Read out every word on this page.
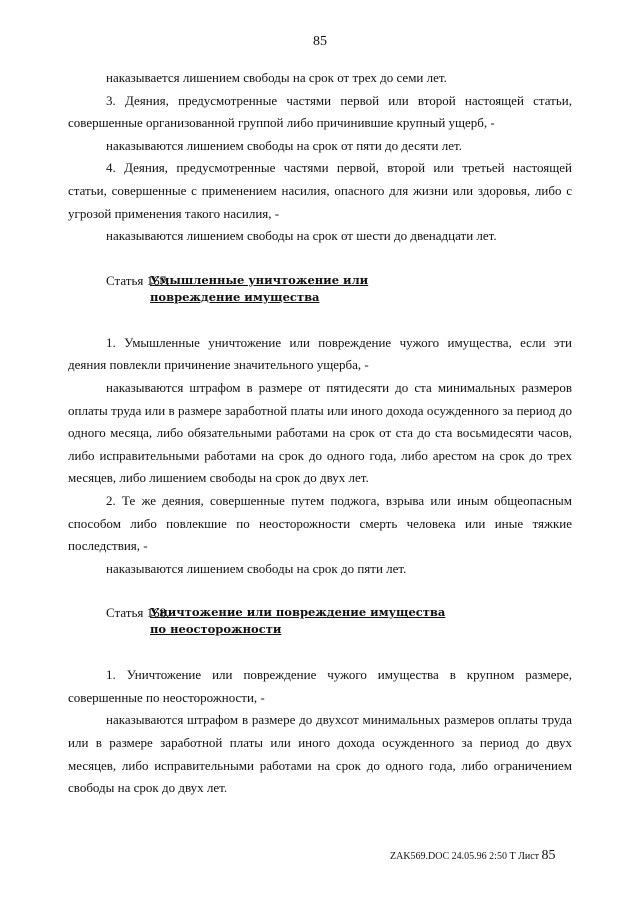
85

наказывается лишением свободы на срок от трех до семи лет.

3. Деяния, предусмотренные частями первой или второй настоящей статьи, совершенные организованной группой либо причинившие крупный ущерб, -

наказываются лишением свободы на срок от пяти до десяти лет.

4. Деяния, предусмотренные частями первой, второй или третьей настоящей статьи, совершенные с применением насилия, опасного для жизни или здоровья, либо с угрозой применения такого насилия, -

наказываются лишением свободы на срок от шести до двенадцати лет.

Статья 167.
Умышленные уничтожение или повреждение имущества

1. Умышленные уничтожение или повреждение чужого имущества, если эти деяния повлекли причинение значительного ущерба, -

наказываются штрафом в размере от пятидесяти до ста минимальных размеров оплаты труда или в размере заработной платы или иного дохода осужденного за период до одного месяца, либо обязательными работами на срок от ста до ста восьмидесяти часов, либо исправительными работами на срок до одного года, либо арестом на срок до трех месяцев, либо лишением свободы на срок до двух лет.

2. Те же деяния, совершенные путем поджога, взрыва или иным общеопасным способом либо повлекшие по неосторожности смерть человека или иные тяжкие последствия, -

наказываются лишением свободы на срок до пяти лет.

Статья 168.
Уничтожение или повреждение имущества по неосторожности

1. Уничтожение или повреждение чужого имущества в крупном размере, совершенные по неосторожности, -

наказываются штрафом в размере до двухсот минимальных размеров оплаты труда или в размере заработной платы или иного дохода осужденного за период до двух месяцев, либо исправительными работами на срок до одного года, либо ограничением свободы на срок до двух лет.

ZAK569.DOC 24.05.96 2:50 Т Лист 85
